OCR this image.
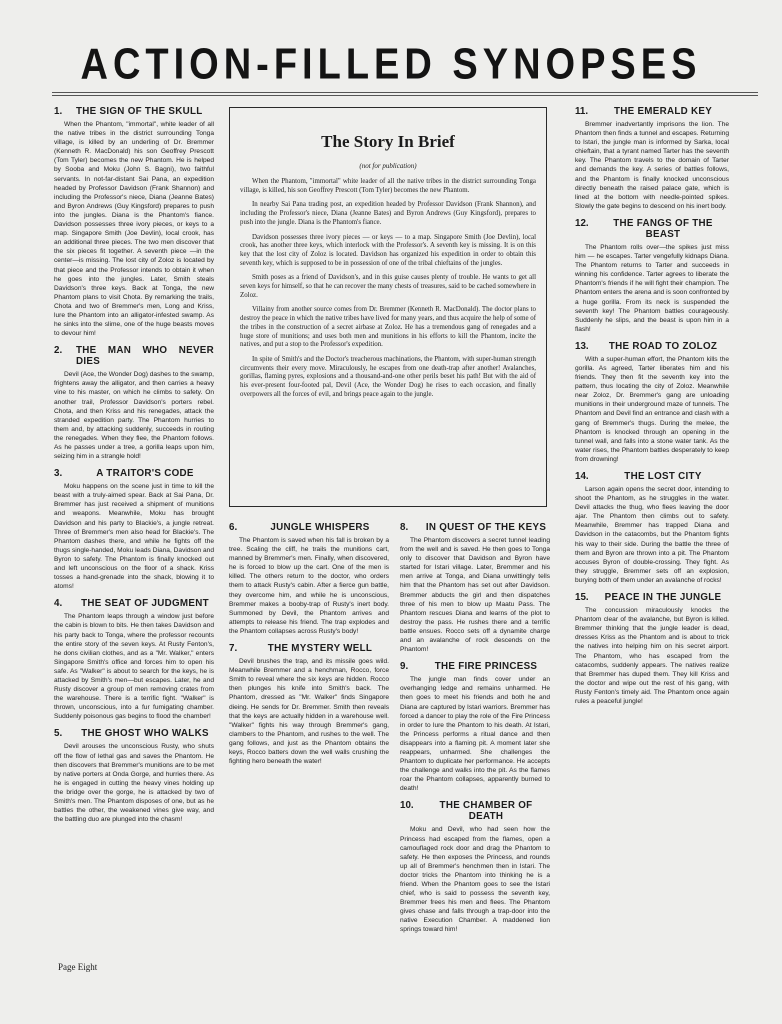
ACTION-FILLED SYNOPSES
1.	THE SIGN OF THE SKULL

When the Phantom, "immortal", white leader of all the native tribes in the district surrounding Tonga village, is killed by an underling of Dr. Bremmer (Kenneth R. MacDonald) his son Geoffrey Prescott (Tom Tyler) becomes the new Phantom. He is helped by Sooba and Moku (John S. Bagni), two faithful servants. In not-far-distant Sai Pana, an expedition headed by Professor Davidson (Frank Shannon) and including the Professor's niece, Diana (Jeanne Bates) and Byron Andrews (Guy Kingsford) prepares to push into the jungles. Diana is the Phantom's fiance. Davidson possesses three ivory pieces, or keys to a map. Singapore Smith (Joe Devlin), local crook, has an additional three pieces. The two men discover that the six pieces fit together. A seventh piece —in the center—is missing. The lost city of Zoloz is located by that piece and the Professor intends to obtain it when he goes into the jungles. Later, Smith steals Davidson's three keys. Back at Tonga, the new Phantom plans to visit Chota. By remarking the trails, Chota and two of Bremmer's men, Long and Kriss, lure the Phantom into an alligator-infested swamp. As he sinks into the slime, one of the huge beasts moves to devour him!

2.	THE MAN WHO NEVER DIES

Devil (Ace, the Wonder Dog) dashes to the swamp, frightens away the alligator, and then carries a heavy vine to his master, on which he climbs to safety. On another trail, Professor Davidson's porters rebel. Chota, and then Kriss and his renegades, attack the stranded expedition party. The Phantom hurries to them and, by attacking suddenly, succeeds in routing the renegades. When they flee, the Phantom follows. As he passes under a tree, a gorilla leaps upon him, seizing him in a strangle hold!

3.	A TRAITOR'S CODE

Moku happens on the scene just in time to kill the beast with a truly-aimed spear. Back at Sai Pana, Dr. Bremmer has just received a shipment of munitions and weapons. Meanwhile, Moku has brought Davidson and his party to Blackie's, a jungle retreat. Three of Bremmer's men also head for Blackie's. The Phantom dashes there, and while he fights off the thugs single-handed, Moku leads Diana, Davidson and Byron to safety. The Phantom is finally knocked out and left unconscious on the floor of a shack. Kriss tosses a hand-grenade into the shack, blowing it to atoms!

4.	THE SEAT OF JUDGMENT

The Phantom leaps through a window just before the cabin is blown to bits. He then takes Davidson and his party back to Tonga, where the professor recounts the entire story of the seven keys. At Rusty Fenton's, he dons civilian clothes, and as a "Mr. Walker," enters Singapore Smith's office and forces him to open his safe. As "Walker" is about to search for the keys, he is attacked by Smith's men—but escapes. Later, he and Rusty discover a group of men removing crates from the warehouse. There is a terrific fight. "Walker" is thrown, unconscious, into a fur fumigating chamber. Suddenly poisonous gas begins to flood the chamber!

5.	THE GHOST WHO WALKS

Devil arouses the unconscious Rusty, who shuts off the flow of lethal gas and saves the Phantom. He then discovers that Bremmer's munitions are to be met by native porters at Onda Gorge, and hurries there. As he is engaged in cutting the heavy vines holding up the bridge over the gorge, he is attacked by two of Smith's men. The Phantom disposes of one, but as he battles the other, the weakened vines give way, and the battling duo are plunged into the chasm!

The Story In Brief

(not for publication)

When the Phantom, "immortal" white leader of all the native tribes in the district surrounding Tonga village, is killed, his son Geoffrey Prescott (Tom Tyler) becomes the new Phantom.

In nearby Sai Pana trading post, an expedition headed by Professor Davidson (Frank Shannon), and including the Professor's niece, Diana (Jeanne Bates) and Byron Andrews (Guy Kingsford), prepares to push into the jungle. Diana is the Phantom's fiance.

Davidson possesses three ivory pieces — or keys — to a map. Singapore Smith (Joe Devlin), local crook, has another three keys, which interlock with the Professor's. A seventh key is missing. It is on this key that the lost city of Zoloz is located. Davidson has organized his expedition in order to obtain this seventh key, which is supposed to be in possession of one of the tribal chieftains of the jungles.

Smith poses as a friend of Davidson's, and in this guise causes plenty of trouble. He wants to get all seven keys for himself, so that he can recover the many chests of treasures, said to be cached somewhere in Zoloz.

Villainy from another source comes from Dr. Bremmer (Kenneth R. MacDonald). The doctor plans to destroy the peace in which the native tribes have lived for many years, and thus acquire the help of some of the tribes in the construction of a secret airbase at Zoloz. He has a tremendous gang of renegades and a huge store of munitions; and uses both men and munitions in his efforts to kill the Phantom, incite the natives, and put a stop to the Professor's expedition.

In spite of Smith's and the Doctor's treacherous machinations, the Phantom, with super-human strength circumvents their every move. Miraculously, he escapes from one death-trap after another! Avalanches, gorillas, flaming pyres, explosions and a thousand-and-one other perils beset his path! But with the aid of his ever-present four-footed pal, Devil (Ace, the Wonder Dog) he rises to each occasion, and finally overpowers all the forces of evil, and brings peace again to the jungle.

6.	JUNGLE WHISPERS

The Phantom is saved when his fall is broken by a tree. Scaling the cliff, he trails the munitions cart, manned by Bremmer's men. Finally, when discovered, he is forced to blow up the cart. One of the men is killed. The others return to the doctor, who orders them to attack Rusty's cabin. After a fierce gun battle, they overcome him, and while he is unconscious, Bremmer makes a booby-trap of Rusty's inert body. Summoned by Devil, the Phantom arrives and attempts to release his friend. The trap explodes and the Phantom collapses across Rusty's body!

7.	THE MYSTERY WELL

Devil brushes the trap, and its missile goes wild. Meanwhile Bremmer and a henchman, Rocco, force Smith to reveal where the six keys are hidden. Rocco then plunges his knife into Smith's back. The Phantom, dressed as "Mr. Walker" finds Singapore dieing. He sends for Dr. Bremmer. Smith then reveals that the keys are actually hidden in a warehouse well. "Walker" fights his way through Bremmer's gang, clambers to the Phantom, and rushes to the well. The gang follows, and just as the Phantom obtains the keys, Rocco batters down the well walls crushing the fighting hero beneath the water!

8.	IN QUEST OF THE KEYS

The Phantom discovers a secret tunnel leading from the well and is saved. He then goes to Tonga only to discover that Davidson and Byron have started for Istari village. Later, Bremmer and his men arrive at Tonga, and Diana unwittingly tells him that the Phantom has set out after Davidson. Bremmer abducts the girl and then dispatches three of his men to blow up Maatu Pass. The Phantom rescues Diana and learns of the plot to destroy the pass. He rushes there and a terrific battle ensues. Rocco sets off a dynamite charge and an avalanche of rock descends on the Phantom!

9.	THE FIRE PRINCESS

The jungle man finds cover under an overhanging ledge and remains unharmed. He then goes to meet his friends and both he and Diana are captured by Istari warriors. Bremmer has forced a dancer to play the role of the Fire Princess in order to lure the Phantom to his death. At Istari, the Princess performs a ritual dance and then disappears into a flaming pit. A moment later she reappears, unharmed. She challenges the Phantom to duplicate her performance. He accepts the challenge and walks into the pit. As the flames roar the Phantom collapses, apparently burned to death!

10.	THE CHAMBER OF DEATH

Moku and Devil, who had seen how the Princess had escaped from the flames, open a camouflaged rock door and drag the Phantom to safety. He then exposes the Princess, and rounds up all of Bremmer's henchmen then in Istari. The doctor tricks the Phantom into thinking he is a friend. When the Phantom goes to see the Istari chief, who is said to possess the seventh key, Bremmer frees his men and flees. The Phantom gives chase and falls through a trap-door into the native Execution Chamber. A maddened lion springs toward him!

11.	THE EMERALD KEY

Bremmer inadvertantly imprisons the lion. The Phantom then finds a tunnel and escapes. Returning to Istari, the jungle man is informed by Sarka, local chieftain, that a tyrant named Tarter has the seventh key. The Phantom travels to the domain of Tarter and demands the key. A series of battles follows, and the Phantom is finally knocked unconscious directly beneath the raised palace gate, which is lined at the bottom with needle-pointed spikes. Slowly the gate begins to descend on his inert body.

12.	THE FANGS OF THE BEAST

The Phantom rolls over—the spikes just miss him — he escapes. Tarter vengefully kidnaps Diana. The Phantom returns to Tarter and succeeds in winning his confidence. Tarter agrees to liberate the Phantom's friends if he will fight their champion. The Phantom enters the arena and is soon confronted by a huge gorilla. From its neck is suspended the seventh key! The Phantom battles courageously. Suddenly he slips, and the beast is upon him in a flash!

13.	THE ROAD TO ZOLOZ

With a super-human effort, the Phantom kills the gorilla. As agreed, Tarter liberates him and his friends. They then fit the seventh key into the pattern, thus locating the city of Zoloz. Meanwhile near Zoloz, Dr. Bremmer's gang are unloading munitions in their underground maze of tunnels. The Phantom and Devil find an entrance and clash with a gang of Bremmer's thugs. During the melee, the Phantom is knocked through an opening in the tunnel wall, and falls into a stone water tank. As the water rises, the Phantom battles desperately to keep from drowning!

14.	THE LOST CITY

Larson again opens the secret door, intending to shoot the Phantom, as he struggles in the water. Devil attacks the thug, who flees leaving the door ajar. The Phantom then climbs out to safety. Meanwhile, Bremmer has trapped Diana and Davidson in the catacombs, but the Phantom fights his way to their side. During the battle the three of them and Byron are thrown into a pit. The Phantom accuses Byron of double-crossing. They fight. As they struggle, Bremmer sets off an explosion, burying both of them under an avalanche of rocks!

15.	PEACE IN THE JUNGLE

The concussion miraculously knocks the Phantom clear of the avalanche, but Byron is killed. Bremmer thinking that the jungle leader is dead, dresses Kriss as the Phantom and is about to trick the natives into helping him on his secret airport. The Phantom, who has escaped from the catacombs, suddenly appears. The natives realize that Bremmer has duped them. They kill Kriss and the doctor and wipe out the rest of his gang, with Rusty Fenton's timely aid. The Phantom once again rules a peaceful jungle!

Page Eight
